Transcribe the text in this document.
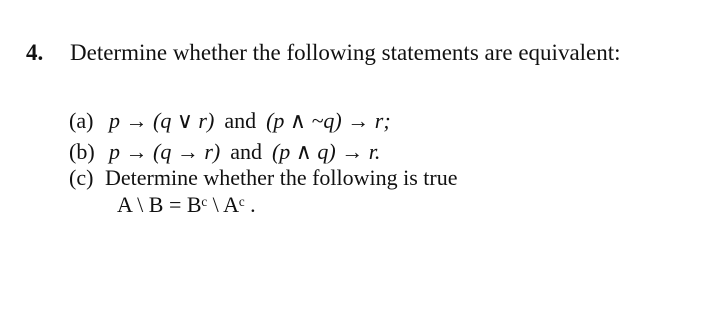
4. Determine whether the following statements are equivalent:
(a) p → (q ∨ r) and (p ∧ ~q) → r;
(b) p → (q → r) and (p ∧ q) → r.
(c) Determine whether the following is true
A \ B = Bᶜ \ Aᶜ .
